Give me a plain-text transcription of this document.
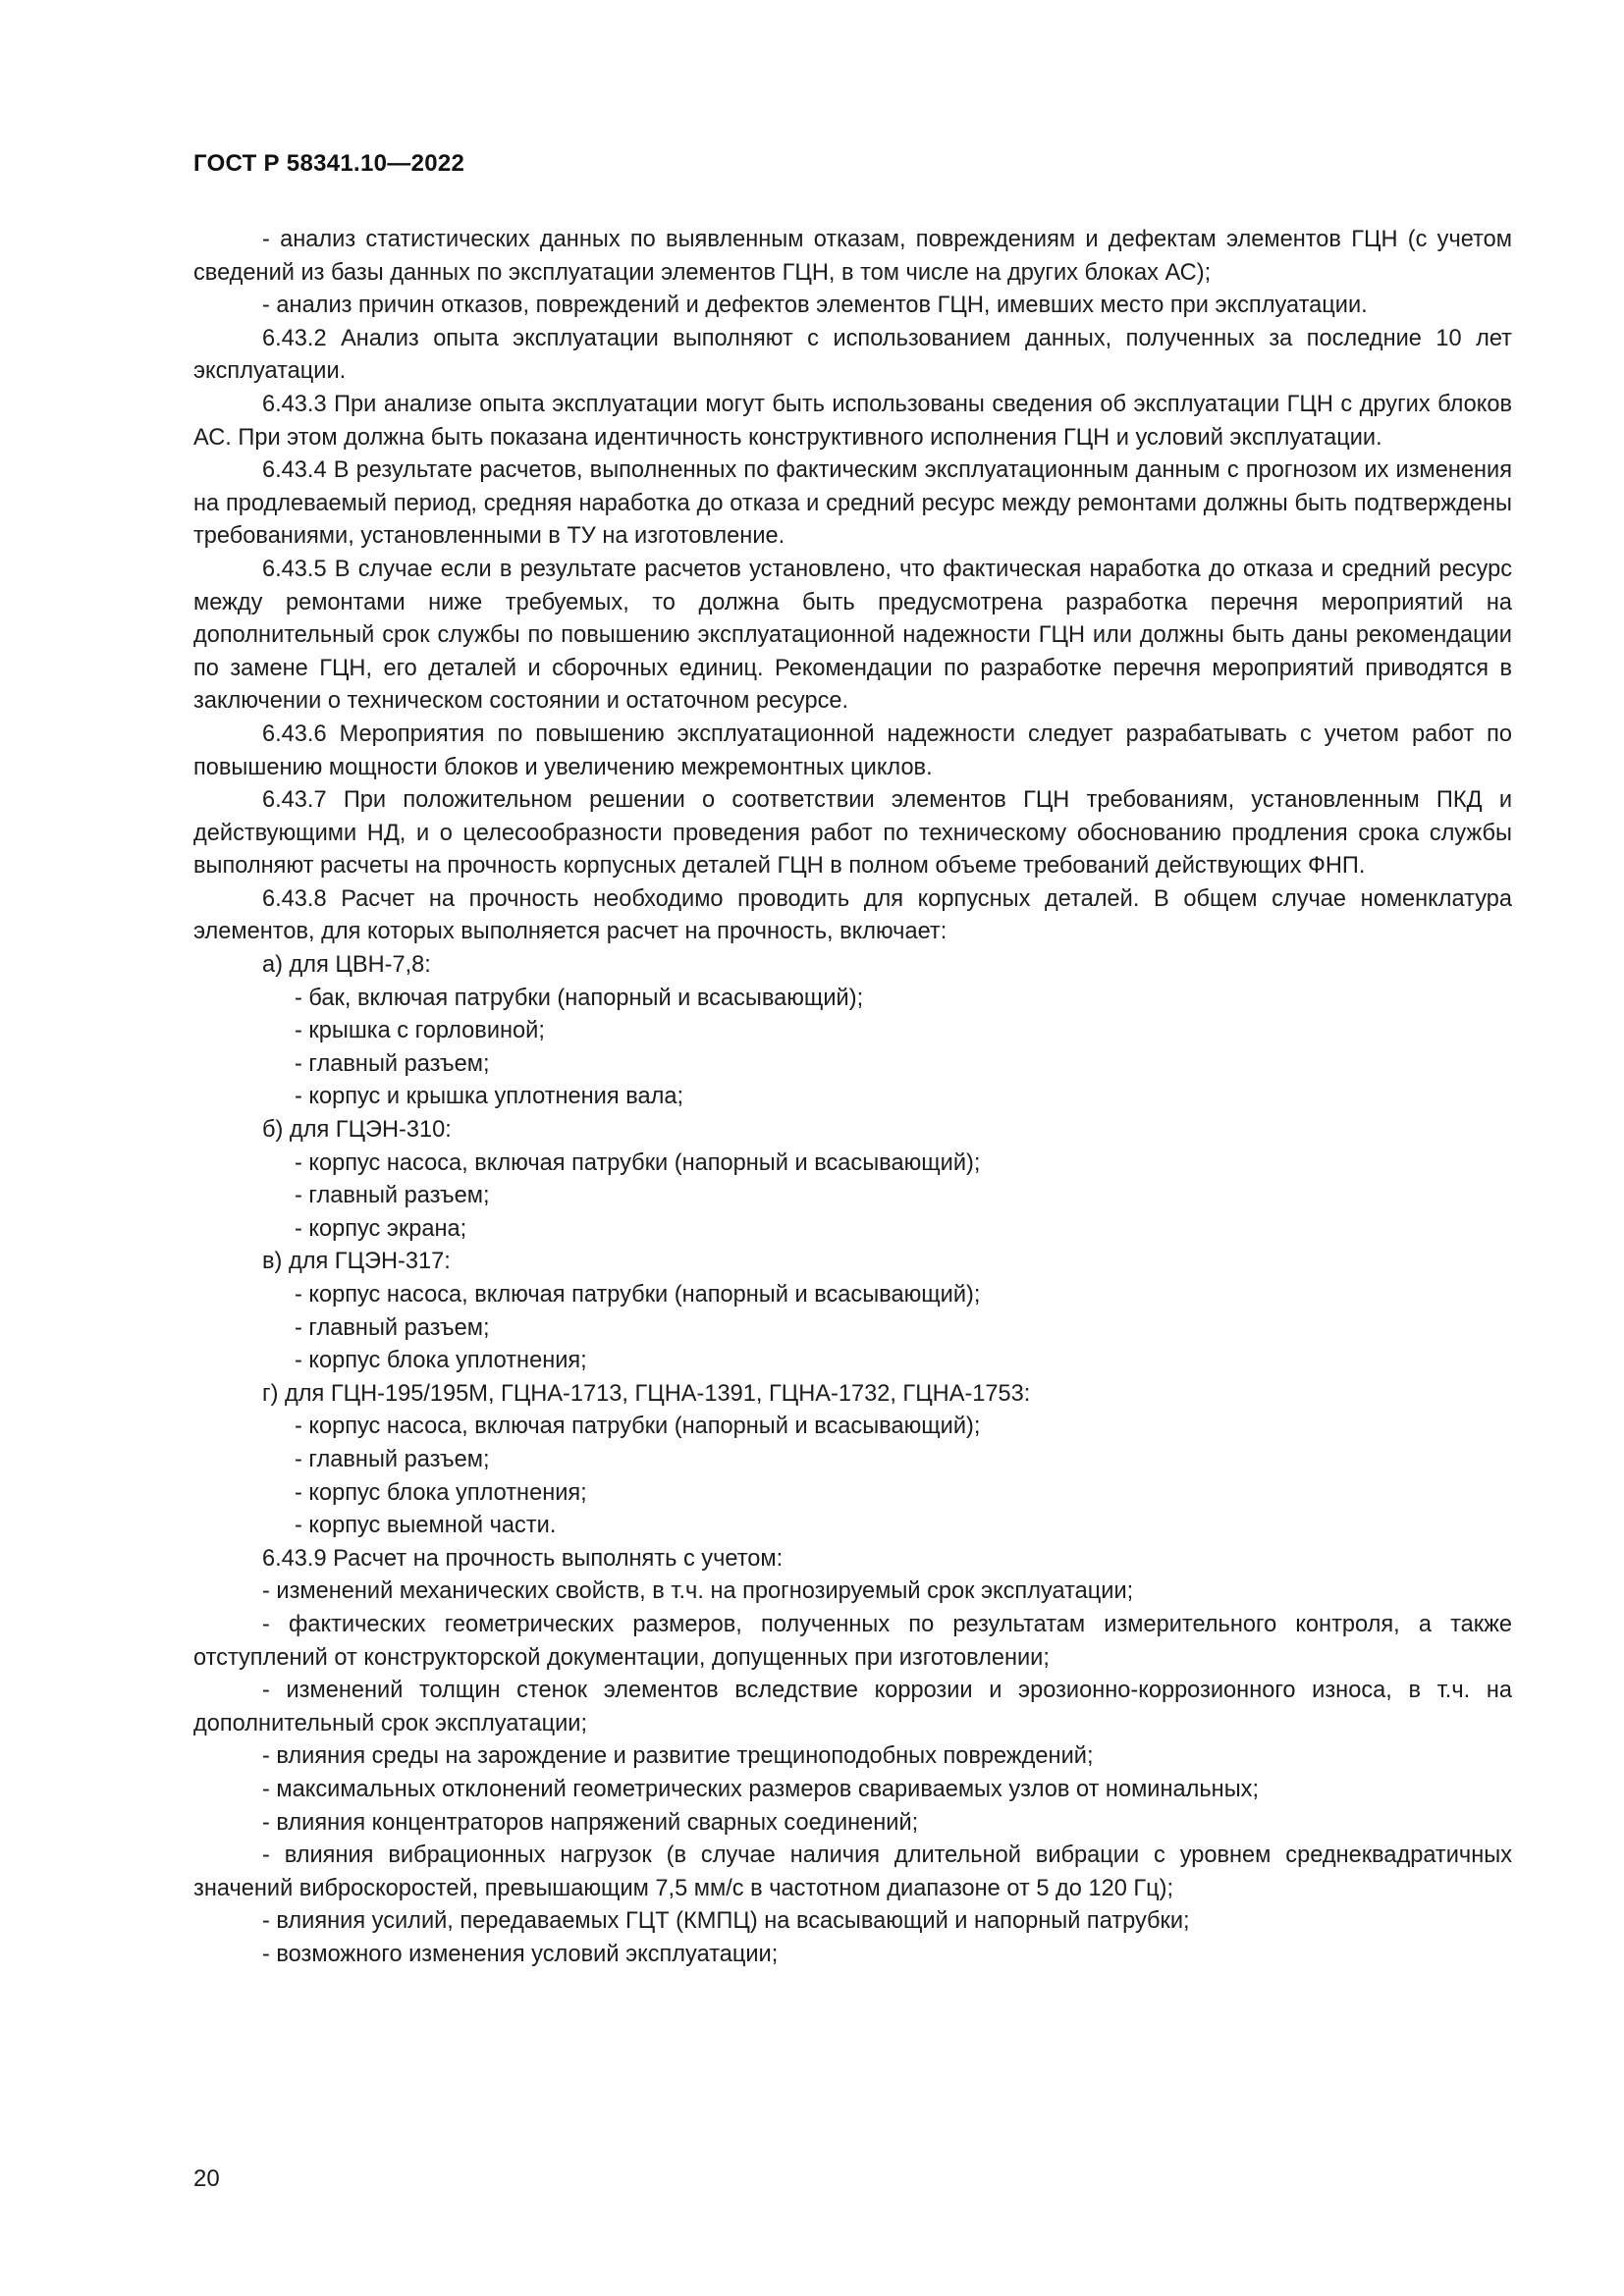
ГОСТ Р 58341.10—2022

- анализ статистических данных по выявленным отказам, повреждениям и дефектам элементов ГЦН (с учетом сведений из базы данных по эксплуатации элементов ГЦН, в том числе на других блоках АС);

- анализ причин отказов, повреждений и дефектов элементов ГЦН, имевших место при эксплуатации.

6.43.2 Анализ опыта эксплуатации выполняют с использованием данных, полученных за последние 10 лет эксплуатации.

6.43.3 При анализе опыта эксплуатации могут быть использованы сведения об эксплуатации ГЦН с других блоков АС. При этом должна быть показана идентичность конструктивного исполнения ГЦН и условий эксплуатации.

6.43.4 В результате расчетов, выполненных по фактическим эксплуатационным данным с прогнозом их изменения на продлеваемый период, средняя наработка до отказа и средний ресурс между ремонтами должны быть подтверждены требованиями, установленными в ТУ на изготовление.

6.43.5 В случае если в результате расчетов установлено, что фактическая наработка до отказа и средний ресурс между ремонтами ниже требуемых, то должна быть предусмотрена разработка перечня мероприятий на дополнительный срок службы по повышению эксплуатационной надежности ГЦН или должны быть даны рекомендации по замене ГЦН, его деталей и сборочных единиц. Рекомендации по разработке перечня мероприятий приводятся в заключении о техническом состоянии и остаточном ресурсе.

6.43.6 Мероприятия по повышению эксплуатационной надежности следует разрабатывать с учетом работ по повышению мощности блоков и увеличению межремонтных циклов.

6.43.7 При положительном решении о соответствии элементов ГЦН требованиям, установленным ПКД и действующими НД, и о целесообразности проведения работ по техническому обоснованию продления срока службы выполняют расчеты на прочность корпусных деталей ГЦН в полном объеме требований действующих ФНП.

6.43.8 Расчет на прочность необходимо проводить для корпусных деталей. В общем случае номенклатура элементов, для которых выполняется расчет на прочность, включает:

а) для ЦВН-7,8:

- бак, включая патрубки (напорный и всасывающий);

- крышка с горловиной;

- главный разъем;

- корпус и крышка уплотнения вала;

б) для ГЦЭН-310:

- корпус насоса, включая патрубки (напорный и всасывающий);

- главный разъем;

- корпус экрана;

в) для ГЦЭН-317:

- корпус насоса, включая патрубки (напорный и всасывающий);

- главный разъем;

- корпус блока уплотнения;

г) для ГЦН-195/195М, ГЦНА-1713, ГЦНА-1391, ГЦНА-1732, ГЦНА-1753:

- корпус насоса, включая патрубки (напорный и всасывающий);

- главный разъем;

- корпус блока уплотнения;

- корпус выемной части.

6.43.9 Расчет на прочность выполнять с учетом:

- изменений механических свойств, в т.ч. на прогнозируемый срок эксплуатации;

- фактических геометрических размеров, полученных по результатам измерительного контроля, а также отступлений от конструкторской документации, допущенных при изготовлении;

- изменений толщин стенок элементов вследствие коррозии и эрозионно-коррозионного износа, в т.ч. на дополнительный срок эксплуатации;

- влияния среды на зарождение и развитие трещиноподобных повреждений;

- максимальных отклонений геометрических размеров свариваемых узлов от номинальных;

- влияния концентраторов напряжений сварных соединений;

- влияния вибрационных нагрузок (в случае наличия длительной вибрации с уровнем среднеквадратичных значений виброскоростей, превышающим 7,5 мм/с в частотном диапазоне от 5 до 120 Гц);

- влияния усилий, передаваемых ГЦТ (КМПЦ) на всасывающий и напорный патрубки;

- возможного изменения условий эксплуатации;

20
